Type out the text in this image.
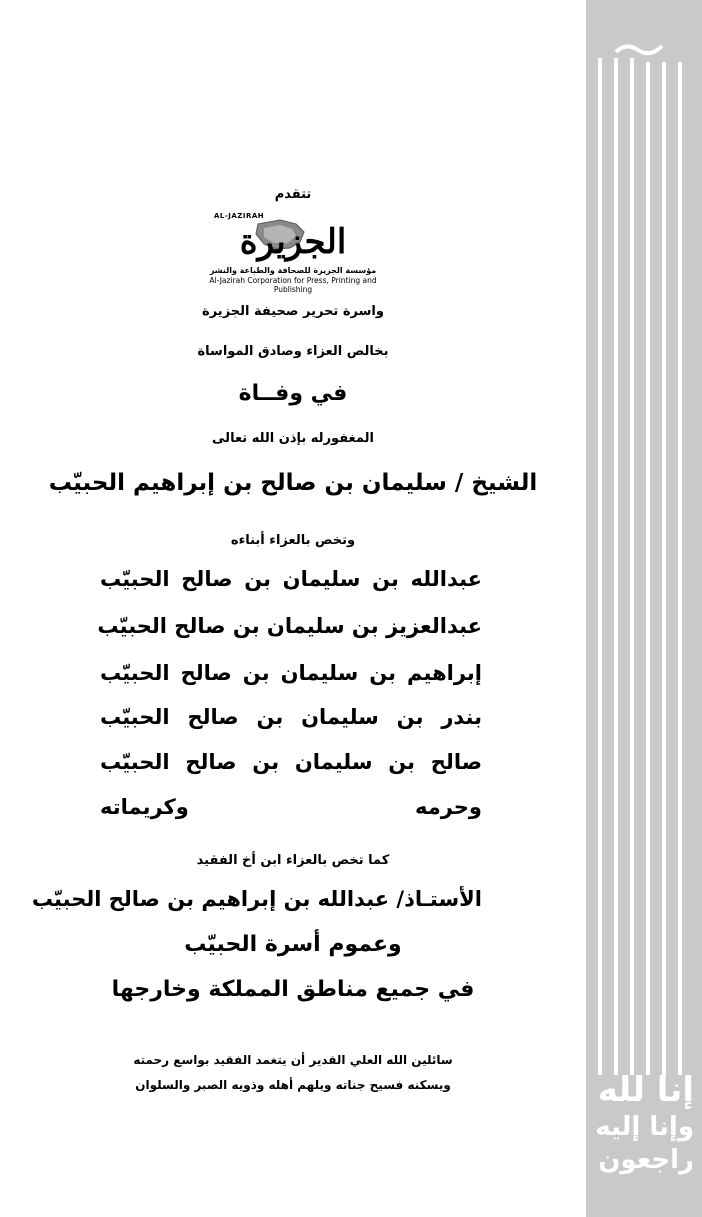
تتقدم
AL-JAZIRAH
الجزيرة
مؤسسة الجزيرة للصحافة والطباعة والنشر
Al-Jazirah Corporation for Press, Printing and Publishing
واسرة تحرير صحيفة الجزيرة
بخالص العزاء وصادق المواساة
في وفــاة
المغفورله بإذن الله تعالى
الشيخ / سليمان بن صالح بن إبراهيم الحبيّب
وتخص بالعزاء أبناءه
عبدالله بن سليمان بن صالح الحبيّب
عبدالعزيز بن سليمان بن صالح الحبيّب
إبراهيم بن سليمان بن صالح الحبيّب
بندر بن سليمان بن صالح الحبيّب
صالح بن سليمان بن صالح الحبيّب
وحرمه وكريماته
كما تخص بالعزاء ابن أخ الفقيد
الأستـاذ/ عبدالله بن إبراهيم بن صالح الحبيّب
وعموم أسرة الحبيّب
في جميع مناطق المملكة وخارجها
سائلين الله العلي القدير أن يتغمد الفقيد بواسع رحمته
ويسكنه فسيح جناته ويلهم أهله وذويه الصبر والسلوان	إنا لله
وإنا إليه
راجعون
